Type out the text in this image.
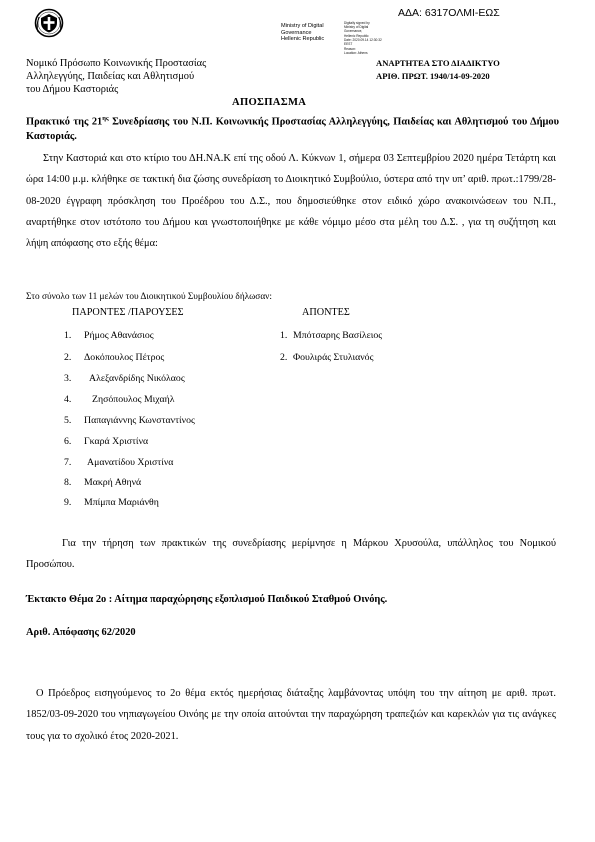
ΑΔΑ: 6317ΟΛΜΙ-ΕΩΣ
Ministry of Digital
Governance
Hellenic Republic
Digitally signed by
Ministry of Digital
Governance,
Hellenic Republic
Date: 2020.09.14 12:30:32
EEST
Reason:
Location: Athens
Νομικό Πρόσωπο Κοινωνικής Προστασίας
Αλληλεγγύης, Παιδείας και Αθλητισμού
του Δήμου Καστοριάς
ΑΝΑΡΤΗΤΕΑ ΣΤΟ ΔΙΑΔΙΚΤΥΟ
ΑΡΙΘ. ΠΡΩΤ. 1940/14-09-2020
ΑΠΟΣΠΑΣΜΑ
Πρακτικό της $21^{\eta\varsigma}$ Συνεδρίασης του Ν.Π. Κοινωνικής Προστασίας Αλληλεγγύης, Παιδείας και Αθλητισμού του Δήμου Καστοριάς.
Στην Καστοριά και στο κτίριο του ΔΗ.ΝΑ.Κ επί της οδού Λ. Κύκνων 1, σήμερα 03 Σεπτεμβρίου 2020 ημέρα Τετάρτη και ώρα 14:00 μ.μ. κλήθηκε σε τακτική δια ζώσης συνεδρίαση το Διοικητικό Συμβούλιο, ύστερα από την υπ’ αριθ. πρωτ.:1799/28-08-2020 έγγραφη πρόσκληση του Προέδρου του Δ.Σ., που δημοσιεύθηκε στον ειδικό χώρο ανακοινώσεων του Ν.Π., αναρτήθηκε στον ιστότοπο του Δήμου και γνωστοποιήθηκε με κάθε νόμιμο μέσο στα μέλη του Δ.Σ. , για τη συζήτηση και λήψη απόφασης στο εξής θέμα:
Στο σύνολο των 11 μελών του Διοικητικού Συμβουλίου δήλωσαν:
ΠΑΡΟΝΤΕΣ /ΠΑΡΟΥΣΕΣ	ΑΠΟΝΤΕΣ
1. Ρήμος Αθανάσιος
2. Δοκόπουλος Πέτρος
3. Αλεξανδρίδης Νικόλαος
4. Ζησόπουλος Μιχαήλ
5. Παπαγιάννης Κωνσταντίνος
6. Γκαρά Χριστίνα
7. Αμανατίδου Χριστίνα
8. Μακρή Αθηνά
9. Μπίμπα Μαριάνθη
1. Μπότσαρης Βασίλειος
2. Φουλιράς Στυλιανός
Για την τήρηση των πρακτικών της συνεδρίασης μερίμνησε η Μάρκου Χρυσούλα, υπάλληλος του Νομικού Προσώπου.
Έκτακτο Θέμα 2ο : Αίτημα παραχώρησης εξοπλισμού Παιδικού Σταθμού Οινόης.
Αριθ. Απόφασης 62/2020
Ο Πρόεδρος εισηγούμενος το 2ο θέμα εκτός ημερήσιας διάταξης λαμβάνοντας υπόψη του την αίτηση με αριθ. πρωτ. 1852/03-09-2020 του νηπιαγωγείου Οινόης με την οποία αιτούνται την παραχώρηση τραπεζιών και καρεκλών για τις ανάγκες τους για το σχολικό έτος 2020-2021.
